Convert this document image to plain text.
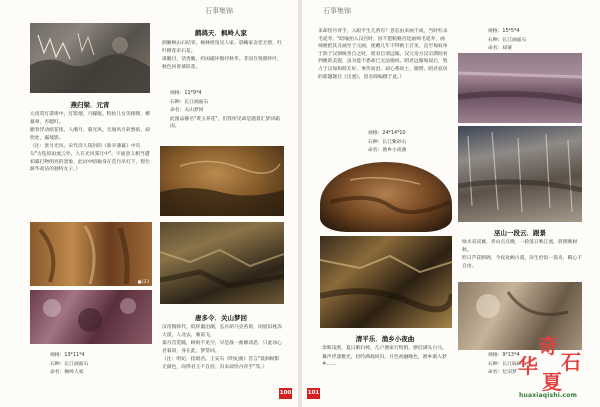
石事集锦	石事集锦
燕归梁．元宵

元夜赏灯游街中，灯影烟，月朦胧。粉妆儿女笑相拥，柳暴翠，杏腮红。

瞻春浮动暗花浓，人潮月，暮光风。无端风月转愁浓，却吹处，漏坡影。

（注：景月光风、宋代诗人钱封的《新幸薄幕》中有句"古毡惊雨流云外，人在光风霁月中"。宇面意义相当遭初霖打物明亮的景象，此词中暗喻身在荒丹早灯下，想仕踌华高洁的独特女子。）

■123

规格：13*11*4

石种：长江画面石

命名：枫岭人家

鹧鸪天．枫岭人家

涧腋枫山石结邻，枫林摇曳见人家。晨曦家舍恁无愁，红叶撩花牵石花。

谋瞻目，话贵瞻，约闲磁坏撸抒秋华。非因存筑偶怀叶，秋色何曾慕陪花。

规格：11*9*4

石种：长江画面石

命名：关山梦回

此图品静名"黄玉养花"，但我所见却是题着汇梦回霜雨。

唐多令．关山梦回

汉帝毁韩代，低样噩泪潮，弘兵胡马克苔斑，闺眉旧枕冻大漠，人北去，雁南飞。

秦月首觅瞳，顾盼不见空，早是战一曲靡鸿恩，只此冰心君暮同，身在此，梦常回。

（注：明妃、指昭君。王安石《明妃曲》首言"低佪顾影无颜色，尚得君王不自持。归来却怪丹青手"等。）

100

来却怪丹青手，入眼平生几曾有？意态由来画不成，当时枉杀毛延寿。"暗喻拍入汉宫时，因不愿贿赂宫廷画师毛延寿，画师便把其丑画至于元画，使她几年不得被王召见，直至匈奴单于款于汉朝统善自之时，昭君自请远嫁。汉元帝方汉宗期间看到她的美貌，虽为能不悉却已无法挽回。昭君远嫁匈奴后，致力于汉匈和睦友好，事传而泪，却心系故土。随赞，昭君寂居的那题题目《出塞》，留舍简编摄于此。）

规格：24*14*10

石种：长江紫砂石

命名：渔乡小夜曲

清平乐．渔乡小夜曲

余晖浅照，夏日眠归棹，几户渔家行牧悄，摆挂满头白马。

篝声浮漾雅光，轻吟满载同归。月色初融晚色，渔乡渐入梦乡……

101

规格：15*5*4

石种：长江画面石

命名：却蒙

巫山一段云．跟景

绿水双双翼，青山点点晚，一轮落日映江流，斜照晚树秋。

昨日芦花断调，今夜攻额古漠，泽生恰似一孤舟，羁心不自由。

规格：9*13*4

石种：长江砾砂石

命名：忆旧梦

奇
石
华
夏
huaxiaqishi.com
